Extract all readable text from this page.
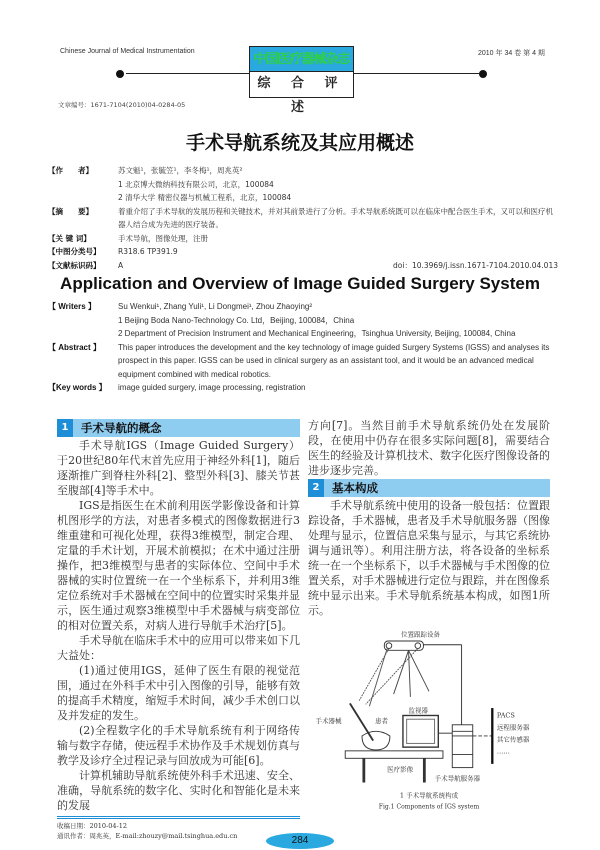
Chinese Journal of Medical Instrumentation	2010 年 34 卷 第 4 期
中国医疗器械杂志
综 合 评 述
文章编号：1671-7104(2010)04-0284-05
手术导航系统及其应用概述
【作　　者】	苏文魁¹，张毓笠¹，李冬梅¹，周兆英²
1 北京博大微纳科技有限公司，北京，100084
2 清华大学 精密仪器与机械工程系，北京，100084
【摘　　要】	着重介绍了手术导航的发展历程和关键技术，并对其前景进行了分析。手术导航系统既可以在临床中配合医生手术，又可以和医疗机器人结合成为先进的医疗装备。
【关 键 词】	手术导航，图像处理，注册
【中图分类号】 R318.6 TP391.9
【文献标识码】 A	doi：10.3969/j.issn.1671-7104.2010.04.013
Application and Overview of Image Guided Surgery System
【 Writers 】	Su Wenkui¹, Zhang Yuli¹, Li Dongmei¹, Zhou Zhaoying²
1 Beijing Boda Nano-Technology Co. Ltd，Beijing, 100084，China
2 Department of Precision Instrument and Mechanical Engineering，Tsinghua University, Beijing, 100084, China
【 Abstract 】 This paper introduces the development and the key technology of image guided Surgery Systems (IGSS) and analyses its prospect in this paper. IGSS can be used in clinical surgery as an assistant tool, and it would be an advanced medical equipment combined with medical robotics.
【Key words 】 image guided surgery, image processing, registration
1	手术导航的概念

手术导航IGS（Image Guided Surgery）于20世纪80年代末首先应用于神经外科[1]，随后逐渐推广到脊柱外科[2]、整型外科[3]、膝关节甚至腹部[4]等手术中。

IGS是指医生在术前利用医学影像设备和计算机图形学的方法，对患者多模式的图像数据进行3维重建和可视化处理，获得3维模型，制定合理、定量的手术计划，开展术前模拟；在术中通过注册操作，把3维模型与患者的实际体位、空间中手术器械的实时位置统一在一个坐标系下，并利用3维定位系统对手术器械在空间中的位置实时采集并显示，医生通过观察3维模型中手术器械与病变部位的相对位置关系，对病人进行导航手术治疗[5]。

手术导航在临床手术中的应用可以带来如下几大益处：

(1)通过使用IGS，延伸了医生有限的视觉范围，通过在外科手术中引入图像的引导，能够有效的提高手术精度，缩短手术时间，减少手术创口以及并发症的发生。

(2)全程数字化的手术导航系统有利于网络传输与数字存储，使远程手术协作及手术规划仿真与教学及诊疗全过程记录与回放成为可能[6]。

计算机辅助导航系统使外科手术迅速、安全、准确，导航系统的数字化、实时化和智能化是未来的发展

收稿日期：2010-04-12
通讯作者：周兆英，E-mail:zhouzy@mail.tsinghua.edu.cn
方向[7]。当然目前手术导航系统仍处在发展阶段，在使用中仍存在很多实际问题[8]，需要结合医生的经验及计算机技术、数字化医疗图像设备的进步逐步完善。
2	基本构成

手术导航系统中使用的设备一般包括：位置跟踪设备，手术器械，患者及手术导航服务器（图像处理与显示，位置信息采集与显示，与其它系统协调与通讯等）。利用注册方法，将各设备的坐标系统一在一个坐标系下，以手术器械与手术图像的位置关系，对手术器械进行定位与跟踪，并在图像系统中显示出来。手术导航系统基本构成，如图1所示。

位置跟踪设备
手术器械	患者
监视器
医疗影像
手术导航服务器
PACS
远程服务器
其它传感器
……
1 手术导航系统构成
Fig.1 Components of IGS system
284
